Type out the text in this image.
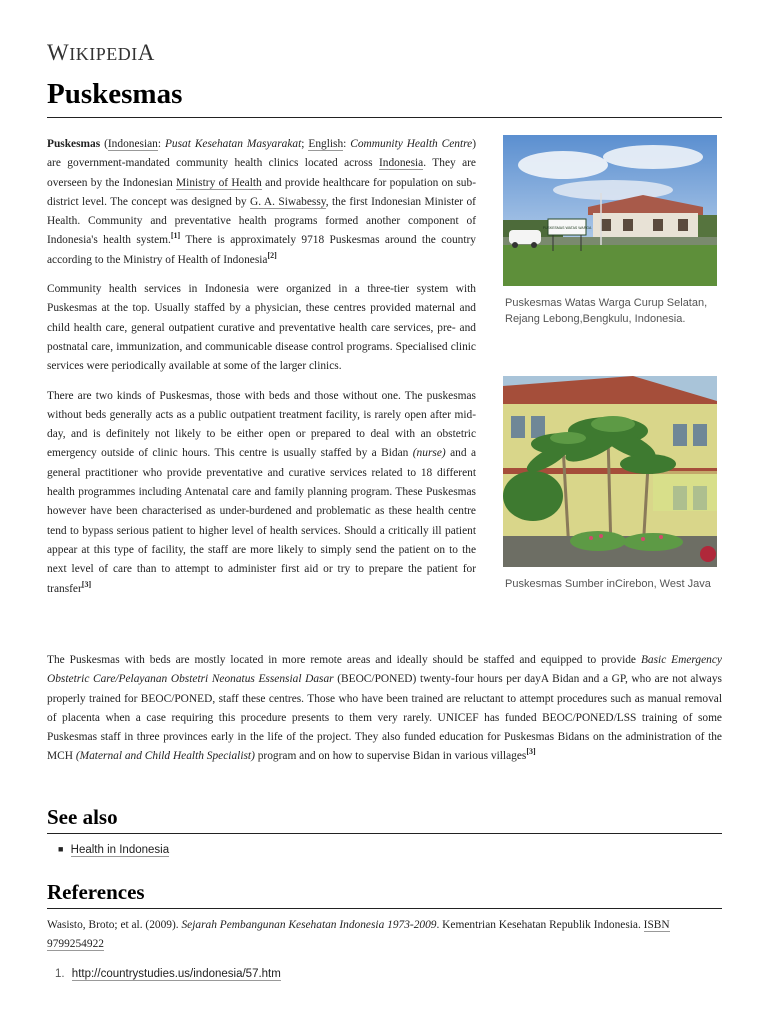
WIKIPEDIA
Puskesmas

Puskesmas (Indonesian: Pusat Kesehatan Masyarakat; English: Community Health Centre) are government-mandated community health clinics located across Indonesia. They are overseen by the Indonesian Ministry of Health and provide healthcare for population on sub-district level. The concept was designed by G. A. Siwabessy, the first Indonesian Minister of Health. Community and preventative health programs formed another component of Indonesia's health system.[1] There is approximately 9718 Puskesmas around the country according to the Ministry of Health of Indonesia[2]

Community health services in Indonesia were organized in a three-tier system with Puskesmas at the top. Usually staffed by a physician, these centres provided maternal and child health care, general outpatient curative and preventative health care services, pre- and postnatal care, immunization, and communicable disease control programs. Specialised clinic services were periodically available at some of the larger clinics.

There are two kinds of Puskesmas, those with beds and those without one. The puskesmas without beds generally acts as a public outpatient treatment facility, is rarely open after mid-day, and is definitely not likely to be either open or prepared to deal with an obstetric emergency outside of clinic hours. This centre is usually staffed by a Bidan (nurse) and a general practitioner who provide preventative and curative services related to 18 different health programmes including Antenatal care and family planning program. These Puskesmas however have been characterised as under-burdened and problematic as these health centre tend to bypass serious patient to higher level of health services. Should a critically ill patient appear at this type of facility, the staff are more likely to simply send the patient on to the next level of care than to attempt to administer first aid or try to prepare the patient for transfer[3]

The Puskesmas with beds are mostly located in more remote areas and ideally should be staffed and equipped to provide Basic Emergency Obstetric Care/Pelayanan Obstetri Neonatus Essensial Dasar (BEOC/PONED) twenty-four hours per dayA Bidan and a GP, who are not always properly trained for BEOC/PONED, staff these centres. Those who have been trained are reluctant to attempt procedures such as manual removal of placenta when a case requiring this procedure presents to them very rarely. UNICEF has funded BEOC/PONED/LSS training of some Puskesmas staff in three provinces early in the life of the project. They also funded education for Puskesmas Bidans on the administration of the MCH (Maternal and Child Health Specialist) program and on how to supervise Bidan in various villages[3]

PUSKESMAS WATAS WARGA
Puskesmas Watas Warga Curup Selatan, Rejang Lebong,Bengkulu, Indonesia.
Puskesmas Sumber inCirebon, West Java
See also
■ Health in Indonesia
References
Wasisto, Broto; et al. (2009). Sejarah Pembangunan Kesehatan Indonesia 1973-2009. Kementrian Kesehatan Republik Indonesia. ISBN 9799254922
1. http://countrystudies.us/indonesia/57.htm
